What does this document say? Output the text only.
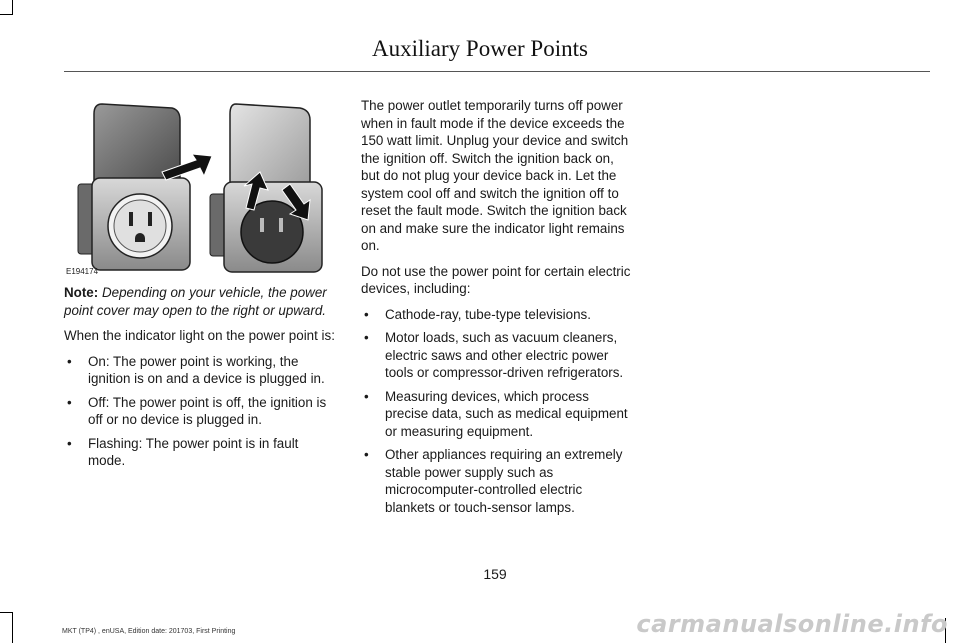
Auxiliary Power Points
E194174

Note: Depending on your vehicle, the power point cover may open to the right or upward.

When the indicator light on the power point is:

• On: The power point is working, the ignition is on and a device is plugged in.
• Off: The power point is off, the ignition is off or no device is plugged in.
• Flashing: The power point is in fault mode.

The power outlet temporarily turns off power when in fault mode if the device exceeds the 150 watt limit. Unplug your device and switch the ignition off. Switch the ignition back on, but do not plug your device back in. Let the system cool off and switch the ignition off to reset the fault mode. Switch the ignition back on and make sure the indicator light remains on.

Do not use the power point for certain electric devices, including:

• Cathode-ray, tube-type televisions.
• Motor loads, such as vacuum cleaners, electric saws and other electric power tools or compressor-driven refrigerators.
• Measuring devices, which process precise data, such as medical equipment or measuring equipment.
• Other appliances requiring an extremely stable power supply such as microcomputer-controlled electric blankets or touch-sensor lamps.
159
MKT (TP4) , enUSA, Edition date: 201703, First Printing	carmanualsonline.info
